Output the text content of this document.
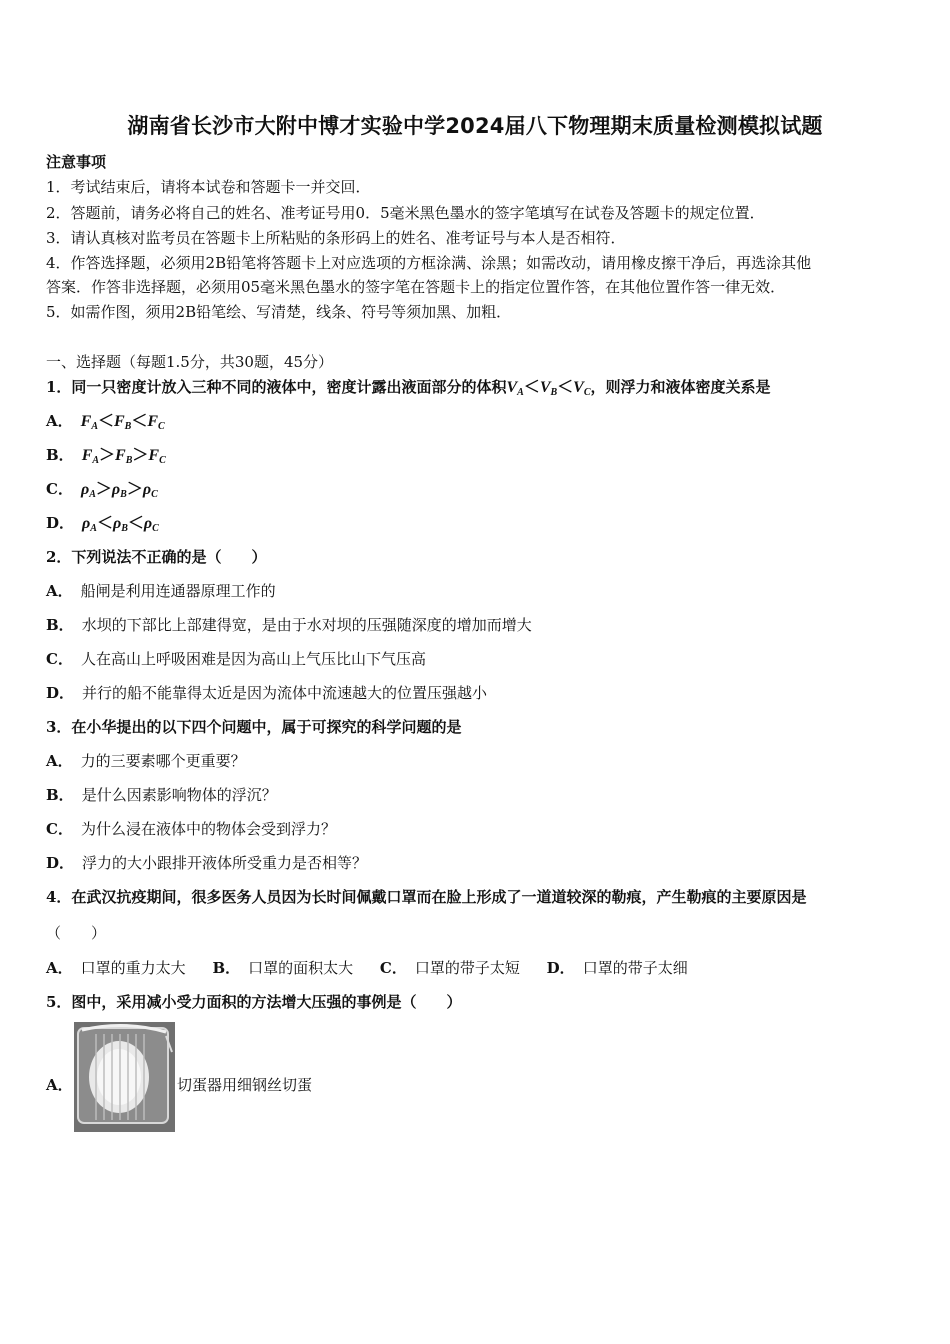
湖南省长沙市大附中博才实验中学2024届八下物理期末质量检测模拟试题
注意事项
1．考试结束后，请将本试卷和答题卡一并交回．
2．答题前，请务必将自己的姓名、准考证号用0．5毫米黑色墨水的签字笔填写在试卷及答题卡的规定位置．
3．请认真核对监考员在答题卡上所粘贴的条形码上的姓名、准考证号与本人是否相符．
4．作答选择题，必须用2B铅笔将答题卡上对应选项的方框涂满、涂黑；如需改动，请用橡皮擦干净后，再选涂其他
答案．作答非选择题，必须用05毫米黑色墨水的签字笔在答题卡上的指定位置作答，在其他位置作答一律无效．
5．如需作图，须用2B铅笔绘、写清楚，线条、符号等须加黑、加粗．
一、选择题（每题1.5分，共30题，45分）
1．同一只密度计放入三种不同的液体中，密度计露出液面部分的体积$V_A<V_B<V_C$，则浮力和液体密度关系是
A． $F_A<F_B<F_C$
B． $F_A>F_B>F_C$
C． $\rho_A>\rho_B>\rho_C$
D． $\rho_A<\rho_B<\rho_C$
2．下列说法不正确的是（　　）
A． 船闸是利用连通器原理工作的
B． 水坝的下部比上部建得宽，是由于水对坝的压强随深度的增加而增大
C． 人在高山上呼吸困难是因为高山上气压比山下气压高
D． 并行的船不能靠得太近是因为流体中流速越大的位置压强越小
3．在小华提出的以下四个问题中，属于可探究的科学问题的是
A． 力的三要素哪个更重要？
B． 是什么因素影响物体的浮沉？
C． 为什么浸在液体中的物体会受到浮力？
D． 浮力的大小跟排开液体所受重力是否相等？
4．在武汉抗疫期间，很多医务人员因为长时间佩戴口罩而在脸上形成了一道道较深的勒痕，产生勒痕的主要原因是
（　　）
A． 口罩的重力太大 B． 口罩的面积太大 C． 口罩的带子太短 D． 口罩的带子太细
5．图中，采用减小受力面积的方法增大压强的事例是（　　）
A．	切蛋器用细钢丝切蛋
